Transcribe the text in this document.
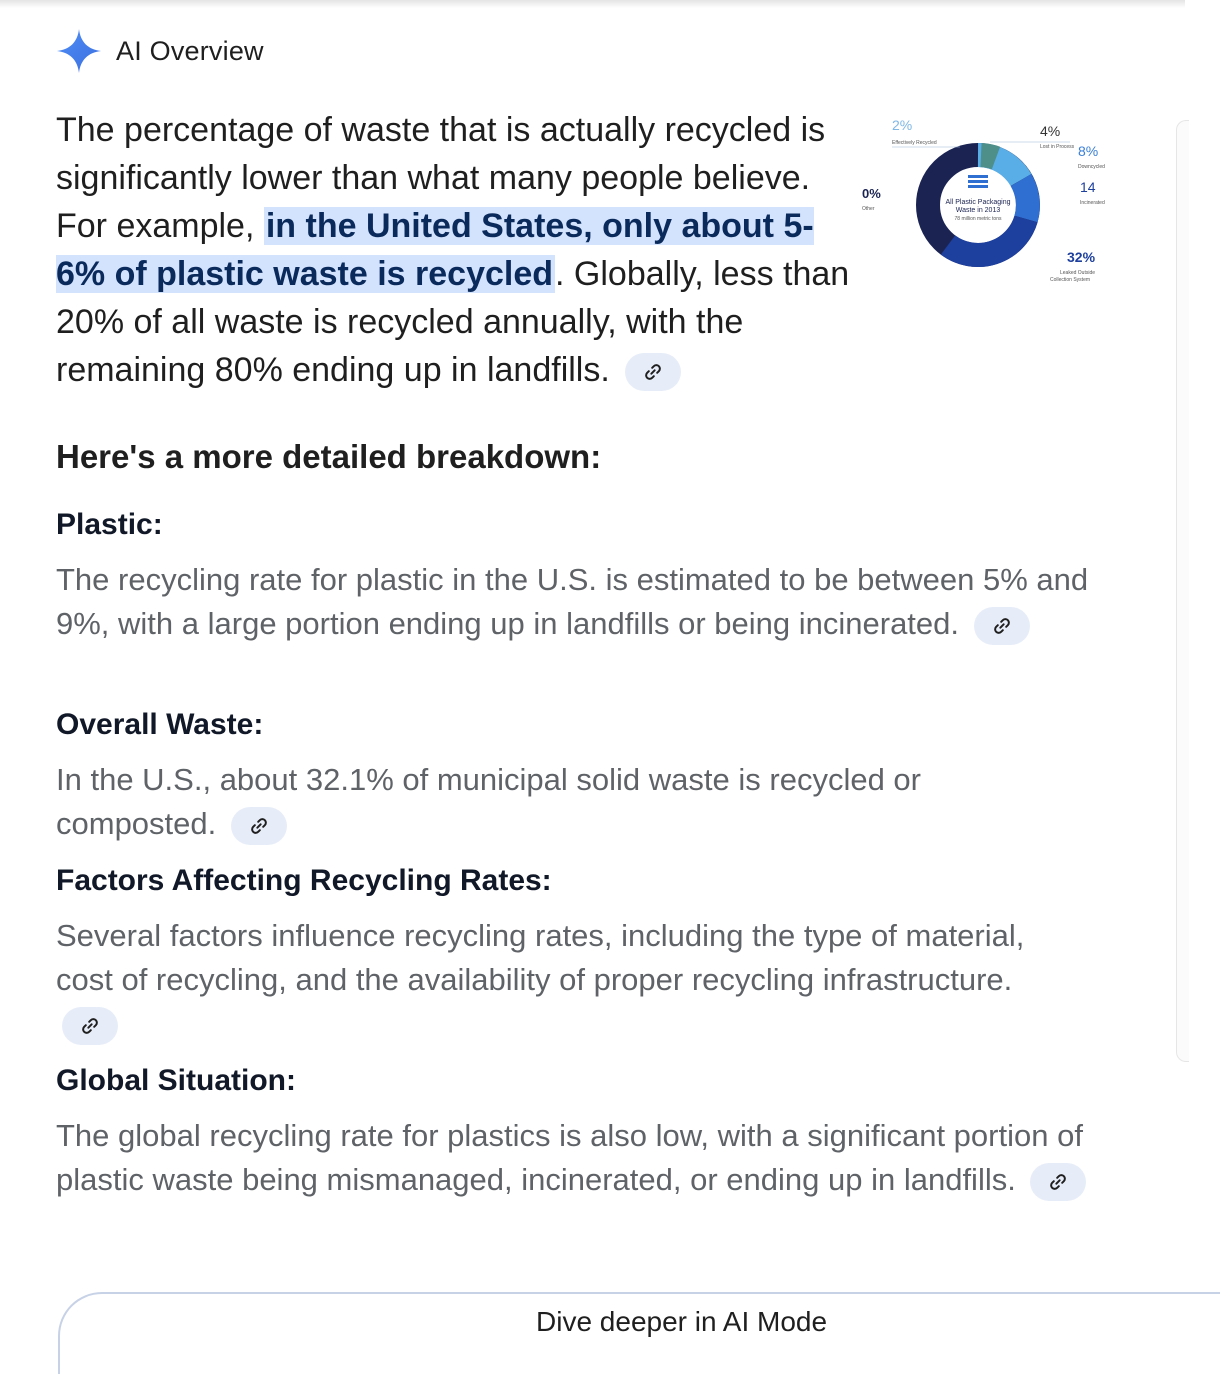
AI Overview
The percentage of waste that is actually recycled is significantly lower than what many people believe. For example, in the United States, only about 5-6% of plastic waste is recycled. Globally, less than 20% of all waste is recycled annually, with the remaining 80% ending up in landfills.
All Plastic Packaging
Waste in 2013
78 million metric tons
2%
Effectively Recycled
4%
Lost in Process 8%
Downcycled
14
Incinerated
0%
Other
32%
Leaked Outside
Collection System
Here's a more detailed breakdown:
Plastic:
The recycling rate for plastic in the U.S. is estimated to be between 5% and 9%, with a large portion ending up in landfills or being incinerated.
Overall Waste:
In the U.S., about 32.1% of municipal solid waste is recycled or composted.
Factors Affecting Recycling Rates:
Several factors influence recycling rates, including the type of material, cost of recycling, and the availability of proper recycling infrastructure.
Global Situation:
The global recycling rate for plastics is also low, with a significant portion of plastic waste being mismanaged, incinerated, or ending up in landfills.
Dive deeper in AI Mode
